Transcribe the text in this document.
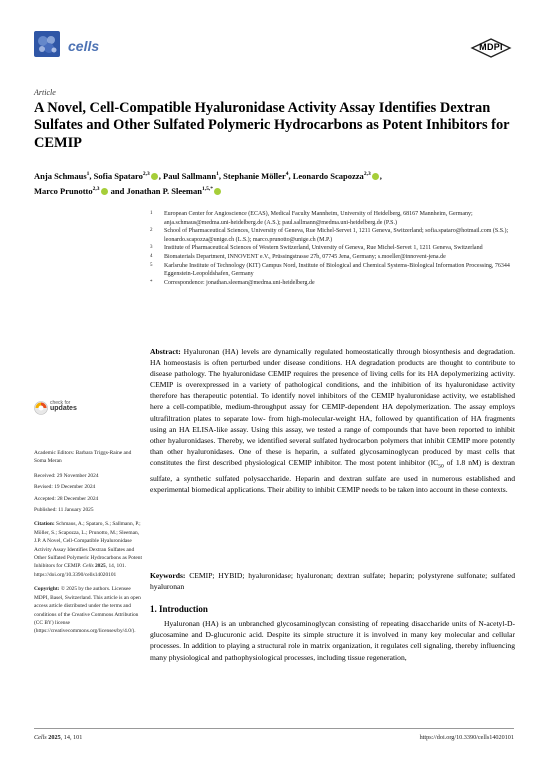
cells	MDPI
Article
A Novel, Cell-Compatible Hyaluronidase Activity Assay Identifies Dextran Sulfates and Other Sulfated Polymeric Hydrocarbons as Potent Inhibitors for CEMIP
Anja Schmaus$^1$, Sofia Spataro$^{2,3}$ , Paul Sallmann$^1$, Stephanie Möller$^4$, Leonardo Scapozza$^{2,3}$ ,
Marco Prunotto$^{2,3}$ and Jonathan P. Sleeman$^{1,5,*}$
1 European Center for Angioscience (ECAS), Medical Faculty Mannheim, University of Heidelberg, 68167 Mannheim, Germany; anja.schmaus@medma.uni-heidelberg.de (A.S.); paul.sallmann@medma.uni-heidelberg.de (P.S.)
2 School of Pharmaceutical Sciences, University of Geneva, Rue Michel-Servet 1, 1211 Geneva, Switzerland; sofia.spataro@hotmail.com (S.S.); leonardo.scapozza@unige.ch (L.S.); marco.prunotto@unige.ch (M.P.)
3 Institute of Pharmaceutical Sciences of Western Switzerland, University of Geneva, Rue Michel-Servet 1, 1211 Geneva, Switzerland
4 Biomaterials Department, INNOVENT e.V., Prüssingstrasse 27b, 07745 Jena, Germany; s.moeller@innovent-jena.de
5 Karlsruhe Institute of Technology (KIT) Campus Nord, Institute of Biological and Chemical Systems-Biological Information Processing, 76344 Eggenstein-Leopoldshafen, Germany
* Correspondence: jonathan.sleeman@medma.uni-heidelberg.de
Abstract: Hyaluronan (HA) levels are dynamically regulated homeostatically through biosynthesis and degradation. HA homeostasis is often perturbed under disease conditions. HA degradation products are thought to contribute to disease pathology. The hyaluronidase CEMIP requires the presence of living cells for its HA depolymerizing activity. CEMIP is overexpressed in a variety of pathological conditions, and the inhibition of its hyaluronidase activity therefore has therapeutic potential. To identify novel inhibitors of the CEMIP hyaluronidase activity, we established here a cell-compatible, medium-throughput assay for CEMIP-dependent HA depolymerization. The assay employs ultrafiltration plates to separate low- from high-molecular-weight HA, followed by quantification of HA fragments using an HA ELISA-like assay. Using this assay, we tested a range of compounds that have been reported to inhibit other hyaluronidases. Thereby, we identified several sulfated hydrocarbon polymers that inhibit CEMIP more potently than other hyaluronidases. One of these is heparin, a sulfated glycosaminoglycan produced by mast cells that constitutes the first described physiological CEMIP inhibitor. The most potent inhibitor ($IC_{50}$ of 1.8 nM) is dextran sulfate, a synthetic sulfated polysaccharide. Heparin and dextran sulfate are used in numerous established and experimental biomedical applications. Their ability to inhibit CEMIP needs to be taken into account in these contexts.
Keywords: CEMIP; HYBID; hyaluronidase; hyaluronan; dextran sulfate; heparin; polystyrene sulfonate; sulfated hyaluronan
1. Introduction
Hyaluronan (HA) is an unbranched glycosaminoglycan consisting of repeating disaccharide units of N-acetyl-D-glucosamine and D-glucuronic acid. Despite its simple structure it is involved in many key molecular and cellular processes. In addition to playing a structural role in matrix organization, it regulates cell signaling, thereby influencing many physiological and pathophysiological processes, including tissue regeneration,
check for
updates

Academic Editors: Barbara Triggs-Raine and Soma Meran

Received: 29 November 2024
Revised: 19 December 2024
Accepted: 28 December 2024

Published: 11 January 2025

Citation: Schmaus, A.; Spataro, S.; Sallmann, P.; Möller, S.; Scapozza, L.; Prunotto, M.; Sleeman, J.P. A Novel, Cell-Compatible Hyaluronidase Activity Assay Identifies Dextran Sulfates and Other Sulfated Polymeric Hydrocarbons as Potent Inhibitors for CEMIP. Cells 2025, 14, 101. https://doi.org/10.3390/cells14020101

Copyright: © 2025 by the authors. Licensee MDPI, Basel, Switzerland. This article is an open access article distributed under the terms and conditions of the Creative Commons Attribution (CC BY) license (https://creativecommons.org/licenses/by/4.0/).

Cells 2025, 14, 101	https://doi.org/10.3390/cells14020101
